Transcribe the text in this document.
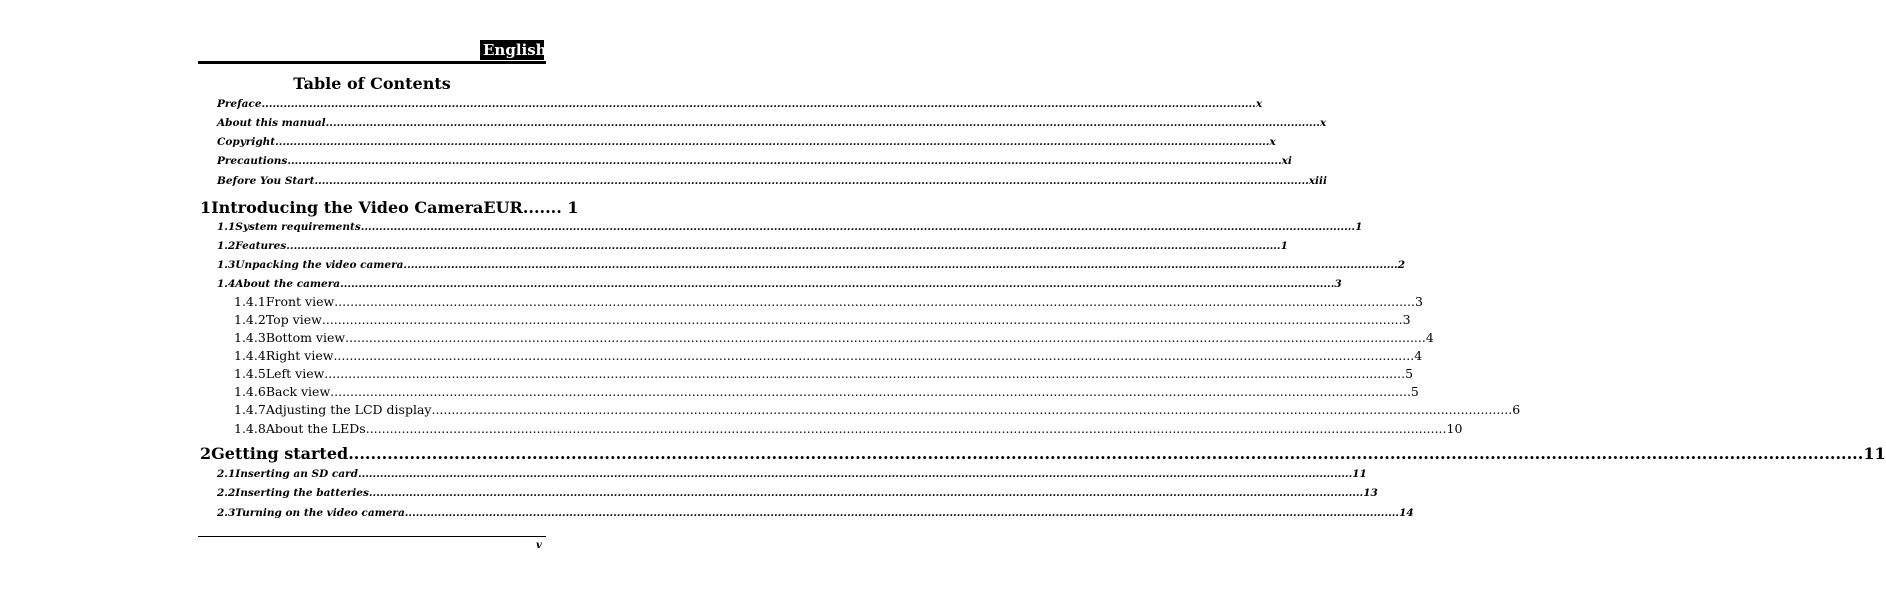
English
Table of Contents
Preface .....	x
About this manual .....	x
Copyright .....	x
Precautions .....	xi
Before You Start .....	xiii
1 Introducing the Video CameraEUR ....... 1
1.1 System requirements .....	1
1.2 Features .....	1
1.3 Unpacking the video camera .....	2
1.4 About the camera .....	3
1.4.1 Front view .....	3
1.4.2 Top view .....	3
1.4.3 Bottom view .....	4
1.4.4 Right view .....	4
1.4.5 Left view .....	5
1.4.6 Back view .....	5
1.4.7 Adjusting the LCD display .....	6
1.4.8 About the LEDs .....	10
2 Getting started .....	11
2.1 Inserting an SD card .....	11
2.2 Inserting the batteries .....	13
2.3 Turning on the video camera .....	14
v
